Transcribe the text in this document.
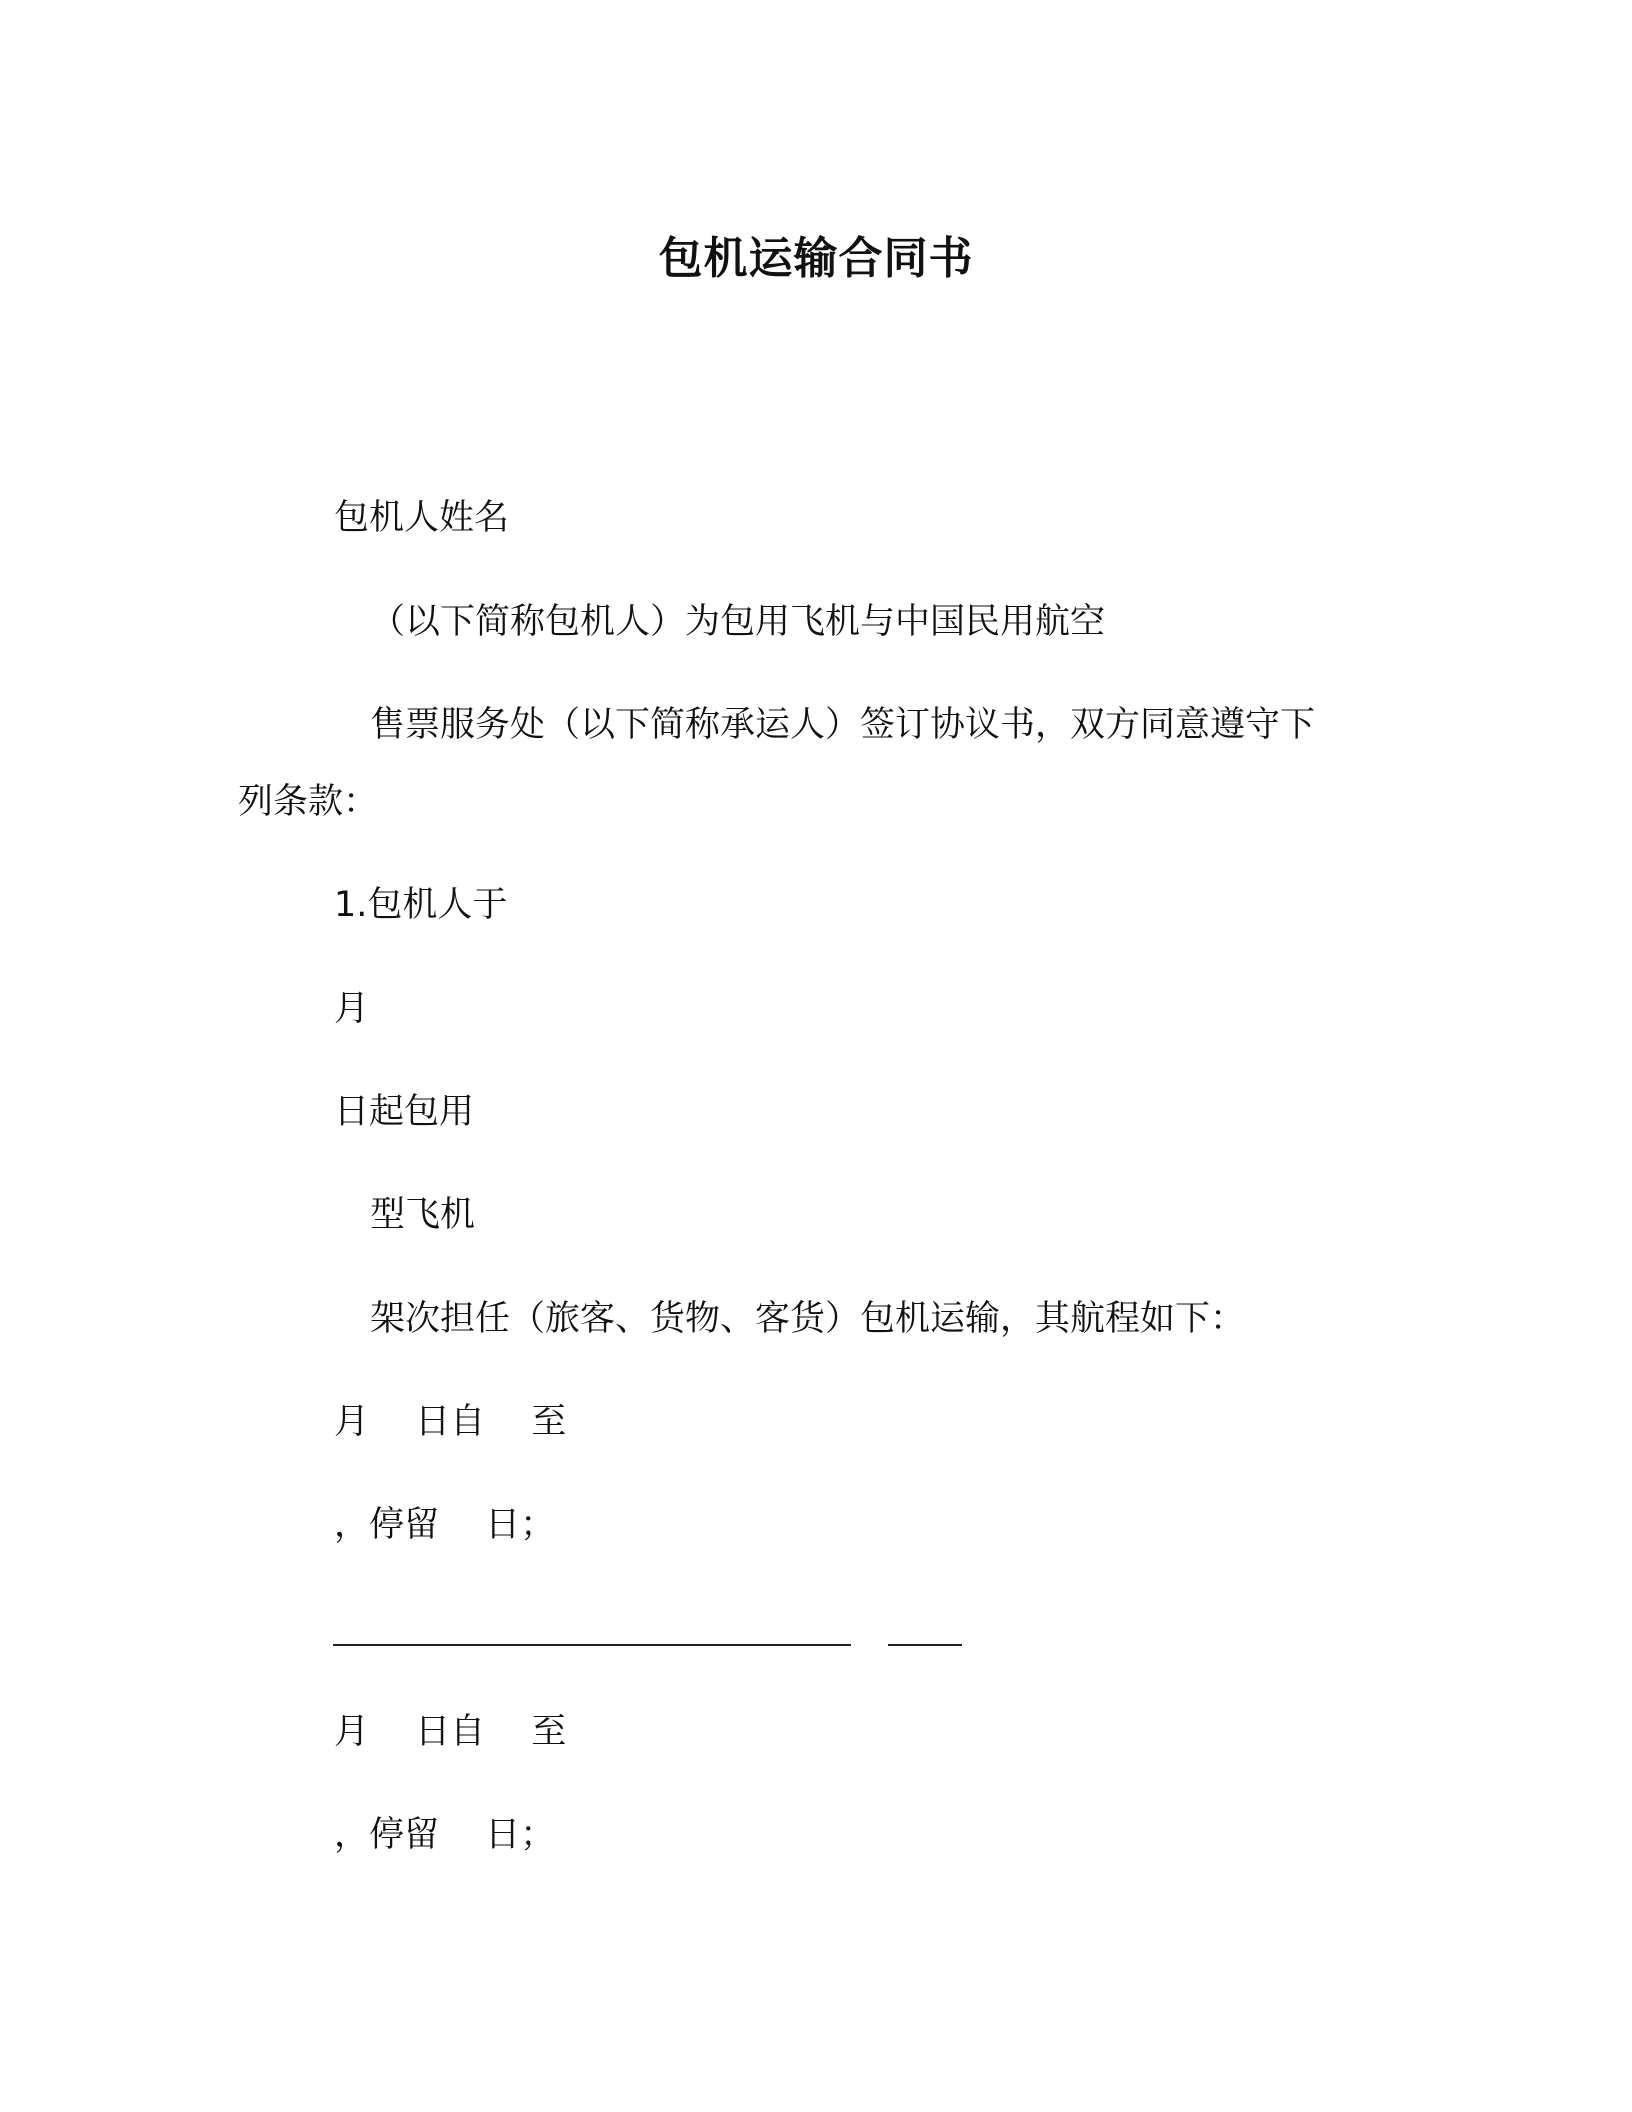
包机运输合同书
包机人姓名
（以下简称包机人）为包用飞机与中国民用航空
售票服务处（以下简称承运人）签订协议书，双方同意遵守下
列条款：
1.包机人于
月
日起包用
型飞机
架次担任（旅客、货物、客货）包机运输，其航程如下：
月　 日自　 至
，停留　 日；
月　 日自　 至
，停留　 日；
